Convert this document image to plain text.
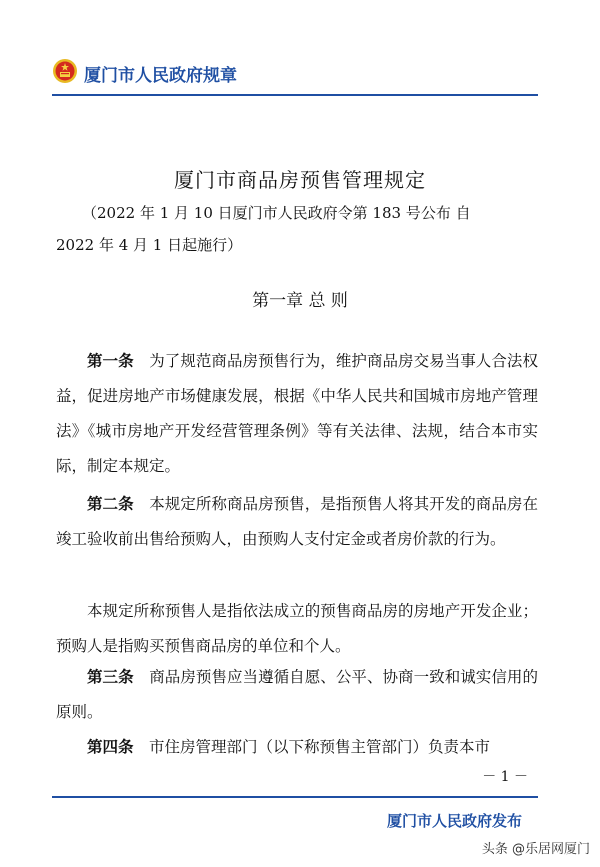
厦门市人民政府规章
厦门市商品房预售管理规定
（2022 年 1 月 10 日厦门市人民政府令第 183 号公布 自
2022 年 4 月 1 日起施行）
第一章 总 则

第一条　 为了规范商品房预售行为，维护商品房交易当事人合法权益，促进房地产市场健康发展，根据《中华人民共和国城市房地产管理法》《城市房地产开发经营管理条例》等有关法律、法规，结合本市实际，制定本规定。

第二条　 本规定所称商品房预售，是指预售人将其开发的商品房在竣工验收前出售给预购人，由预购人支付定金或者房价款的行为。

本规定所称预售人是指依法成立的预售商品房的房地产开发企业；预购人是指购买预售商品房的单位和个人。

第三条　 商品房预售应当遵循自愿、公平、协商一致和诚实信用的原则。

第四条　 市住房管理部门（以下称预售主管部门）负责本市

－ 1 －
厦门市人民政府发布
头条 @乐居网厦门
